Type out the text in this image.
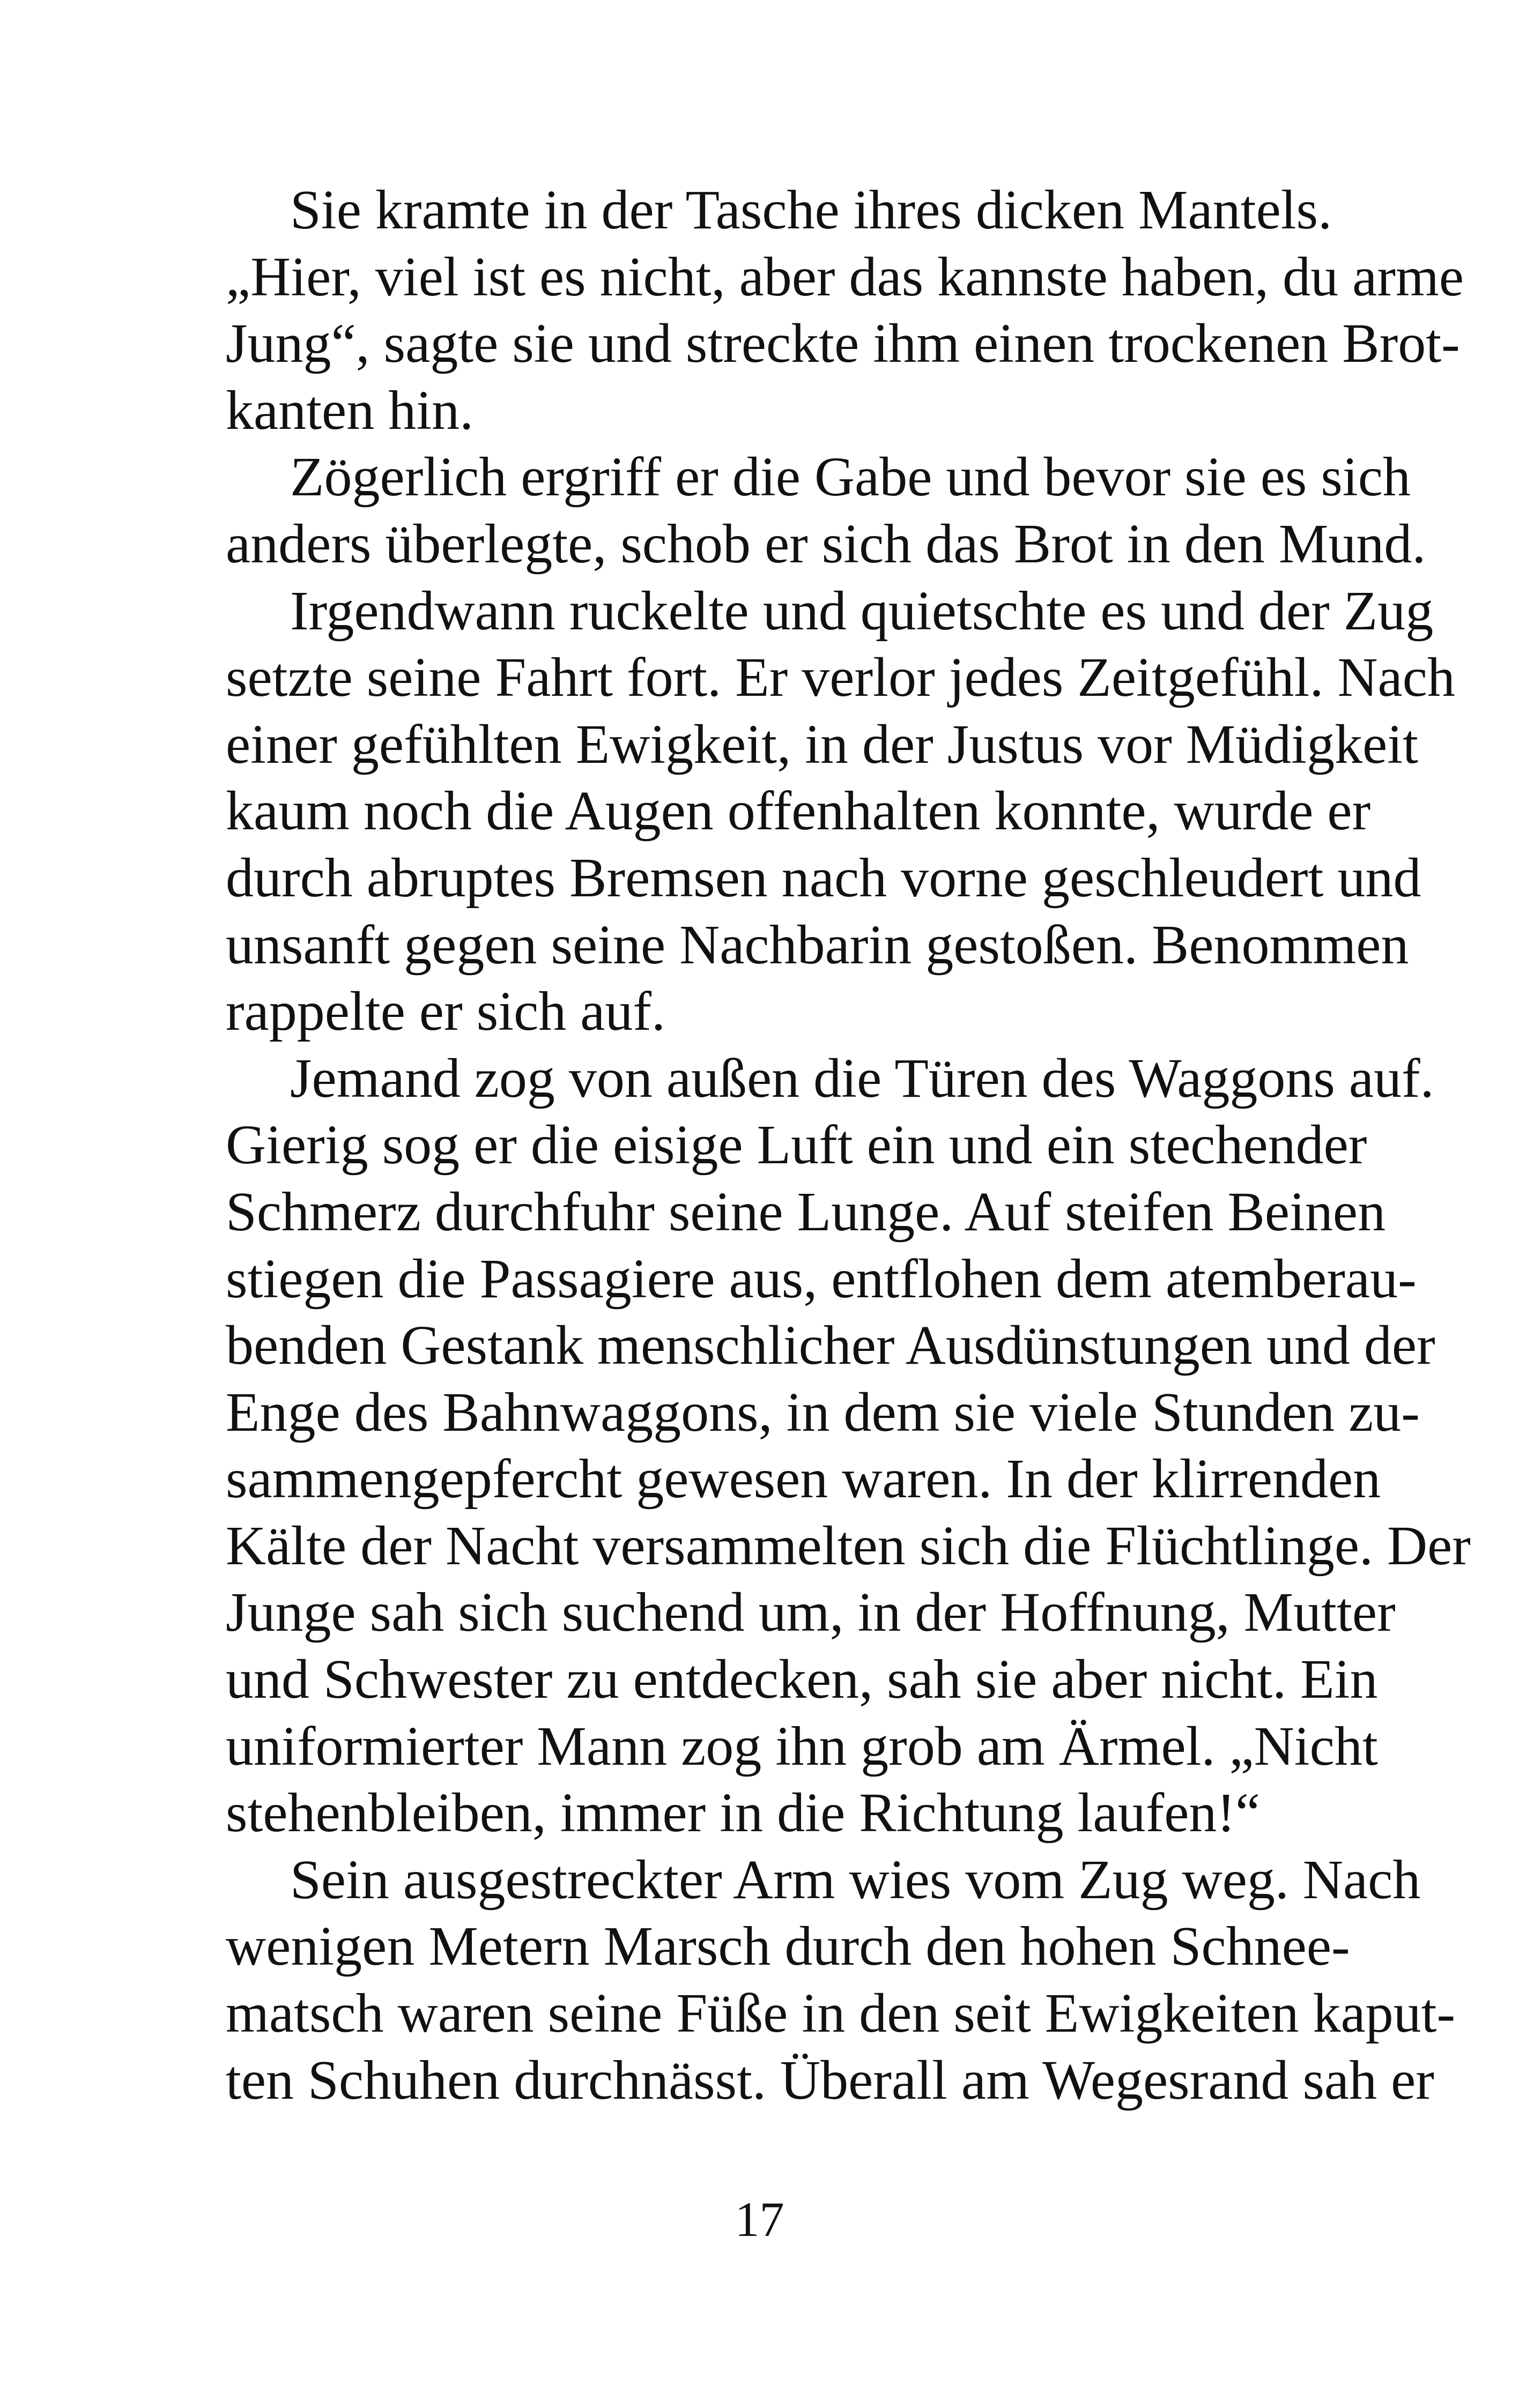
Sie kramte in der Tasche ihres dicken Mantels.
„Hier, viel ist es nicht, aber das kannste haben, du arme
Jung“, sagte sie und streckte ihm einen trockenen Brot-
kanten hin.
Zögerlich ergriff er die Gabe und bevor sie es sich
anders überlegte, schob er sich das Brot in den Mund.
Irgendwann ruckelte und quietschte es und der Zug
setzte seine Fahrt fort. Er verlor jedes Zeitgefühl. Nach
einer gefühlten Ewigkeit, in der Justus vor Müdigkeit
kaum noch die Augen offenhalten konnte, wurde er
durch abruptes Bremsen nach vorne geschleudert und
unsanft gegen seine Nachbarin gestoßen. Benommen
rappelte er sich auf.
Jemand zog von außen die Türen des Waggons auf.
Gierig sog er die eisige Luft ein und ein stechender
Schmerz durchfuhr seine Lunge. Auf steifen Beinen
stiegen die Passagiere aus, entflohen dem atemberau-
benden Gestank menschlicher Ausdünstungen und der
Enge des Bahnwaggons, in dem sie viele Stunden zu-
sammengepfercht gewesen waren. In der klirrenden
Kälte der Nacht versammelten sich die Flüchtlinge. Der
Junge sah sich suchend um, in der Hoffnung, Mutter
und Schwester zu entdecken, sah sie aber nicht. Ein
uniformierter Mann zog ihn grob am Ärmel. „Nicht
stehenbleiben, immer in die Richtung laufen!“
Sein ausgestreckter Arm wies vom Zug weg. Nach
wenigen Metern Marsch durch den hohen Schnee-
matsch waren seine Füße in den seit Ewigkeiten kaput-
ten Schuhen durchnässt. Überall am Wegesrand sah er
17
